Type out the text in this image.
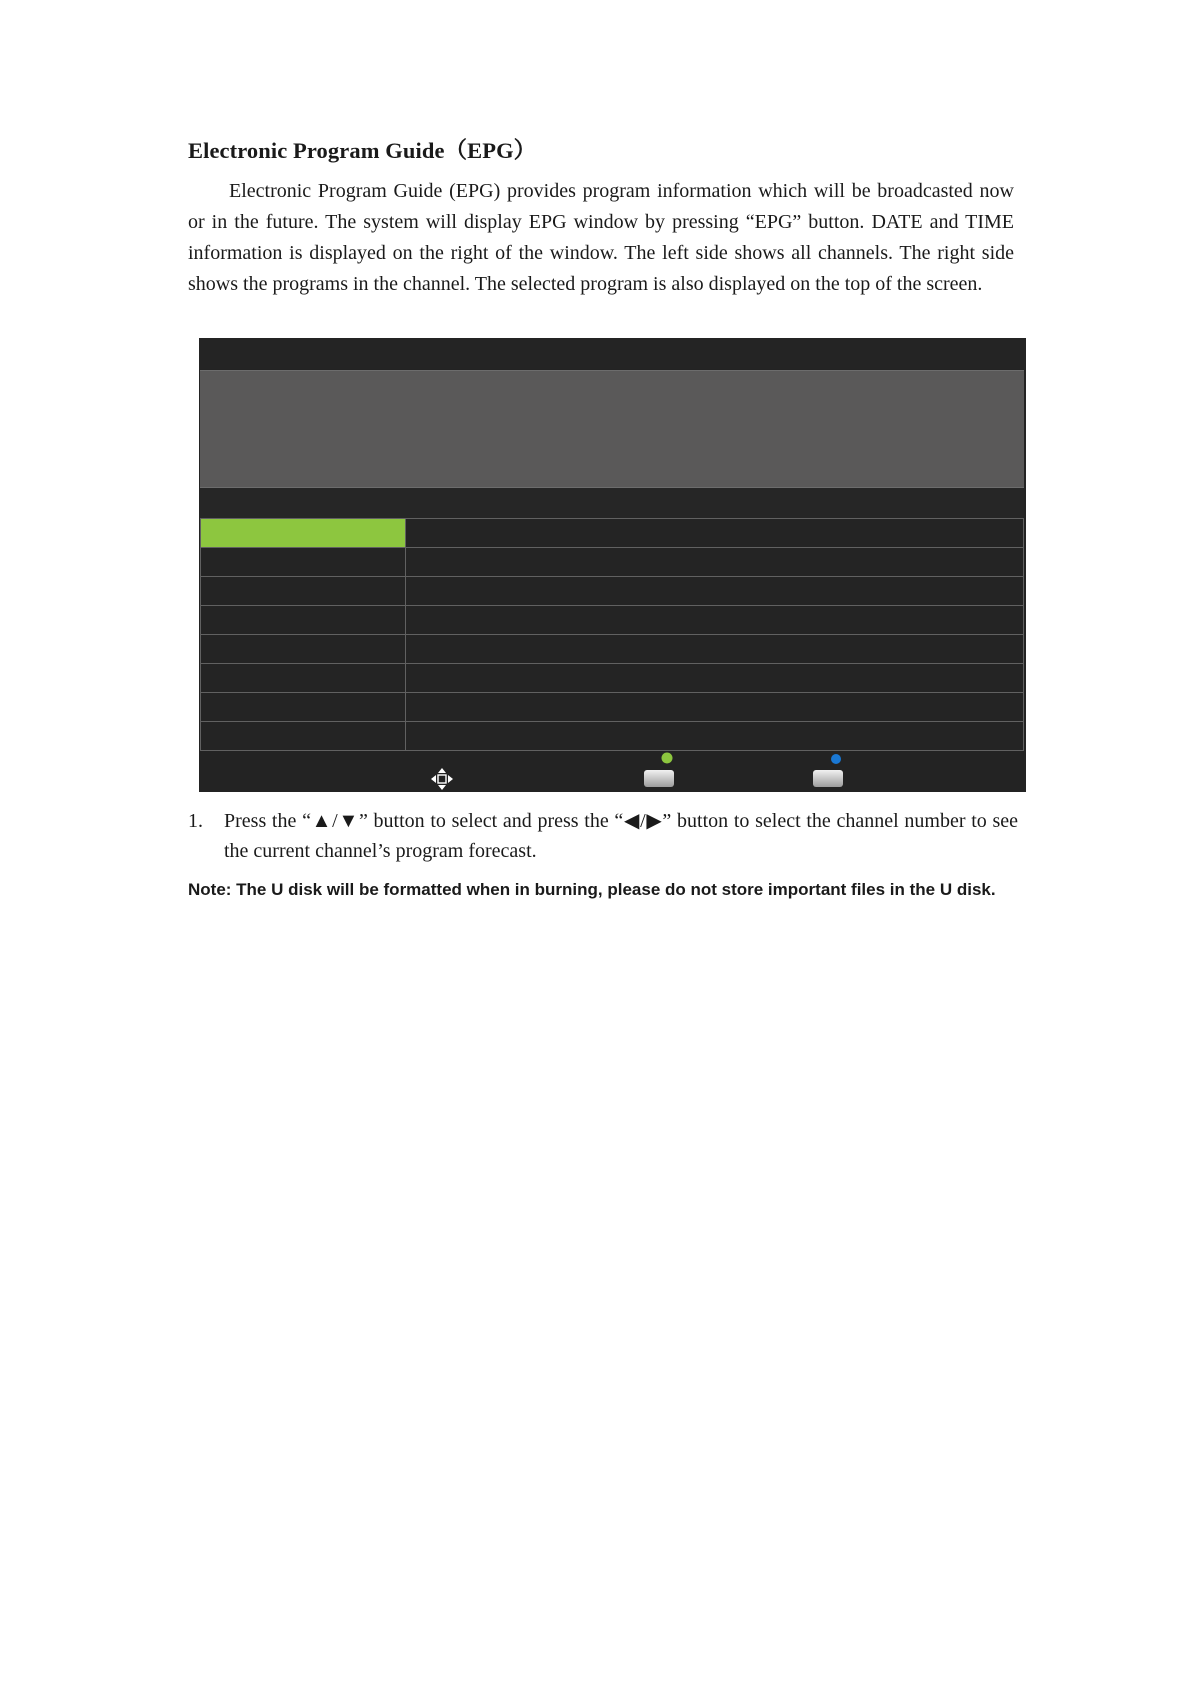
Electronic Program Guide（EPG）

Electronic Program Guide (EPG) provides program information which will be broadcasted now or in the future. The system will display EPG window by pressing “EPG” button. DATE and TIME information is displayed on the right of the window. The left side shows all channels. The right side shows the programs in the channel. The selected program is also displayed on the top of the screen.

1. Press the “▲/▼” button to select and press the “◀/▶” button to select the channel number to see the current channel’s program forecast.
Note: The U disk will be formatted when in burning, please do not store important files in the U disk.
